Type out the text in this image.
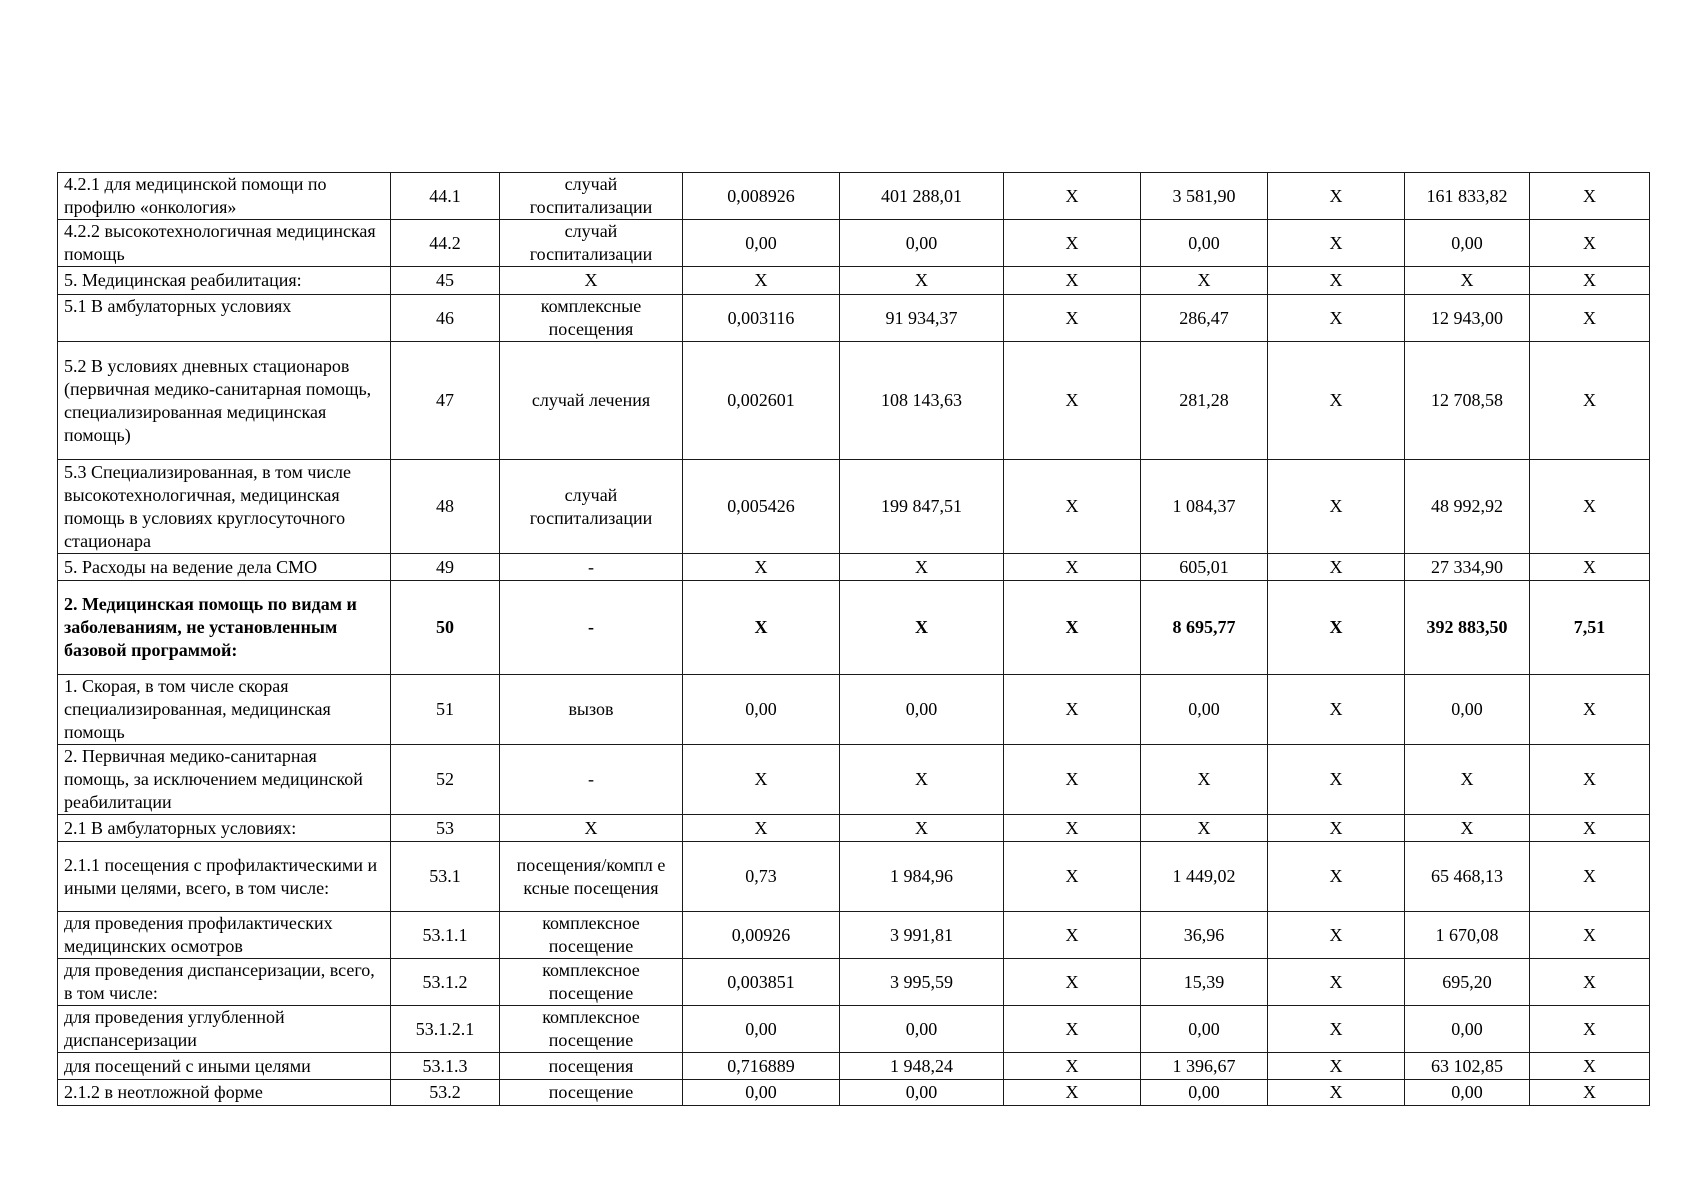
4.2.1 для медицинской помощи по профилю «онкология»	44.1	случай госпитализации	0,008926	401 288,01	X	3 581,90	X	161 833,82	X
4.2.2 высокотехнологичная медицинская помощь	44.2	случай госпитализации	0,00	0,00	X	0,00	X	0,00	X
5. Медицинская реабилитация:	45	X	X	X	X	X	X	X	X
5.1 В амбулаторных условиях	46	комплексные посещения	0,003116	91 934,37	X	286,47	X	12 943,00	X
5.2 В условиях дневных стационаров (первичная медико-санитарная помощь, специализированная медицинская помощь)	47	случай лечения	0,002601	108 143,63	X	281,28	X	12 708,58	X
5.3 Специализированная, в том числе высокотехнологичная, медицинская помощь в условиях круглосуточного стационара	48	случай госпитализации	0,005426	199 847,51	X	1 084,37	X	48 992,92	X
5. Расходы на ведение дела СМО	49	-	X	X	X	605,01	X	27 334,90	X
2. Медицинская помощь по видам и заболеваниям, не установленным базовой программой:	50	-	X	X	X	8 695,77	X	392 883,50	7,51
1. Скорая, в том числе скорая специализированная, медицинская помощь	51	вызов	0,00	0,00	X	0,00	X	0,00	X
2. Первичная медико-санитарная помощь, за исключением медицинской реабилитации	52	-	X	X	X	X	X	X	X
2.1 В амбулаторных условиях:	53	X	X	X	X	X	X	X	X
2.1.1 посещения с профилактическими и иными целями, всего, в том числе:	53.1	посещения/компл е ксные посещения	0,73	1 984,96	X	1 449,02	X	65 468,13	X
для проведения профилактических медицинских осмотров	53.1.1	комплексное посещение	0,00926	3 991,81	X	36,96	X	1 670,08	X
для проведения диспансеризации, всего, в том числе:	53.1.2	комплексное посещение	0,003851	3 995,59	X	15,39	X	695,20	X
для проведения углубленной диспансеризации	53.1.2.1	комплексное посещение	0,00	0,00	X	0,00	X	0,00	X
для посещений с иными целями	53.1.3	посещения	0,716889	1 948,24	X	1 396,67	X	63 102,85	X
2.1.2 в неотложной форме	53.2	посещение	0,00	0,00	X	0,00	X	0,00	X
